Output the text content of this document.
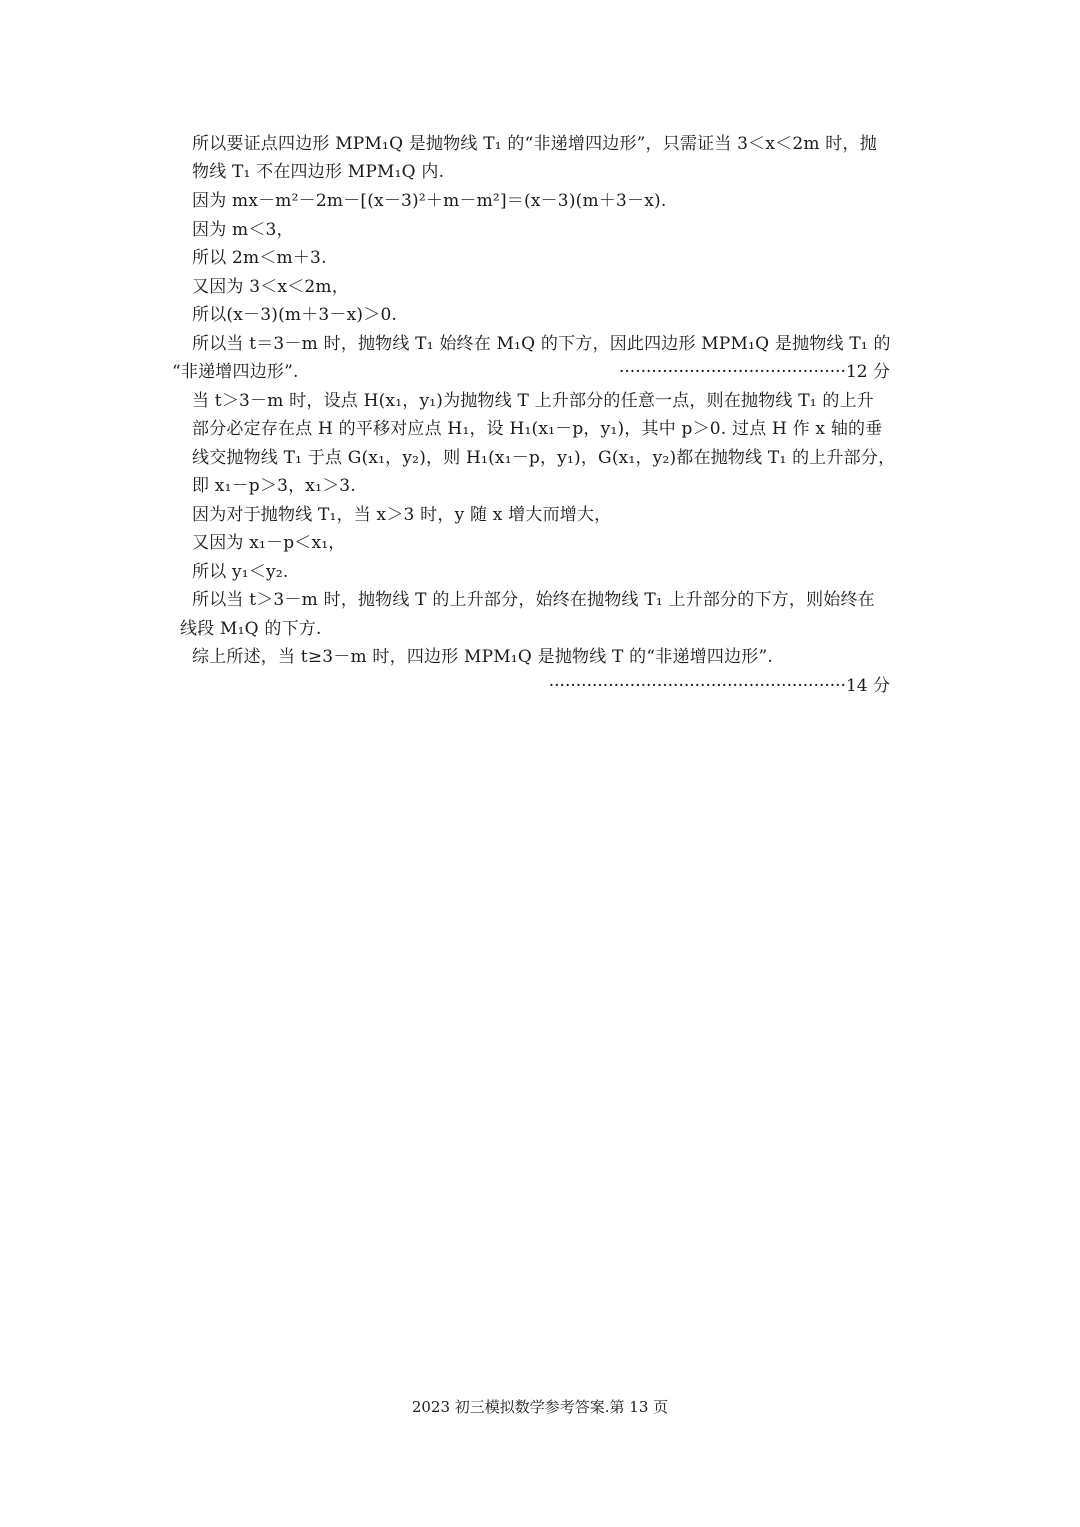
所以要证点四边形 MPM₁Q 是抛物线 T₁ 的“非递增四边形”，只需证当 3＜x＜2m 时，抛
物线 T₁ 不在四边形 MPM₁Q 内.
因为 mx－m²－2m－[(x－3)²＋m－m²]＝(x－3)(m＋3－x).
因为 m＜3，
所以 2m＜m＋3.
又因为 3＜x＜2m，
所以(x－3)(m＋3－x)＞0.
所以当 t＝3－m 时，抛物线 T₁ 始终在 M₁Q 的下方，因此四边形 MPM₁Q 是抛物线 T₁ 的
“非递增四边形”.	··········································12 分
当 t＞3－m 时，设点 H(x₁，y₁)为抛物线 T 上升部分的任意一点，则在抛物线 T₁ 的上升
部分必定存在点 H 的平移对应点 H₁，设 H₁(x₁－p，y₁)，其中 p＞0. 过点 H 作 x 轴的垂
线交抛物线 T₁ 于点 G(x₁，y₂)，则 H₁(x₁－p，y₁)，G(x₁，y₂)都在抛物线 T₁ 的上升部分，
即 x₁－p＞3，x₁＞3.
因为对于抛物线 T₁，当 x＞3 时，y 随 x 增大而增大，
又因为 x₁－p＜x₁，
所以 y₁＜y₂.
所以当 t＞3－m 时，抛物线 T 的上升部分，始终在抛物线 T₁ 上升部分的下方，则始终在
线段 M₁Q 的下方.
综上所述，当 t≥3－m 时，四边形 MPM₁Q 是抛物线 T 的“非递增四边形”.
·······················································14 分
2023 初三模拟数学参考答案.第 13 页
